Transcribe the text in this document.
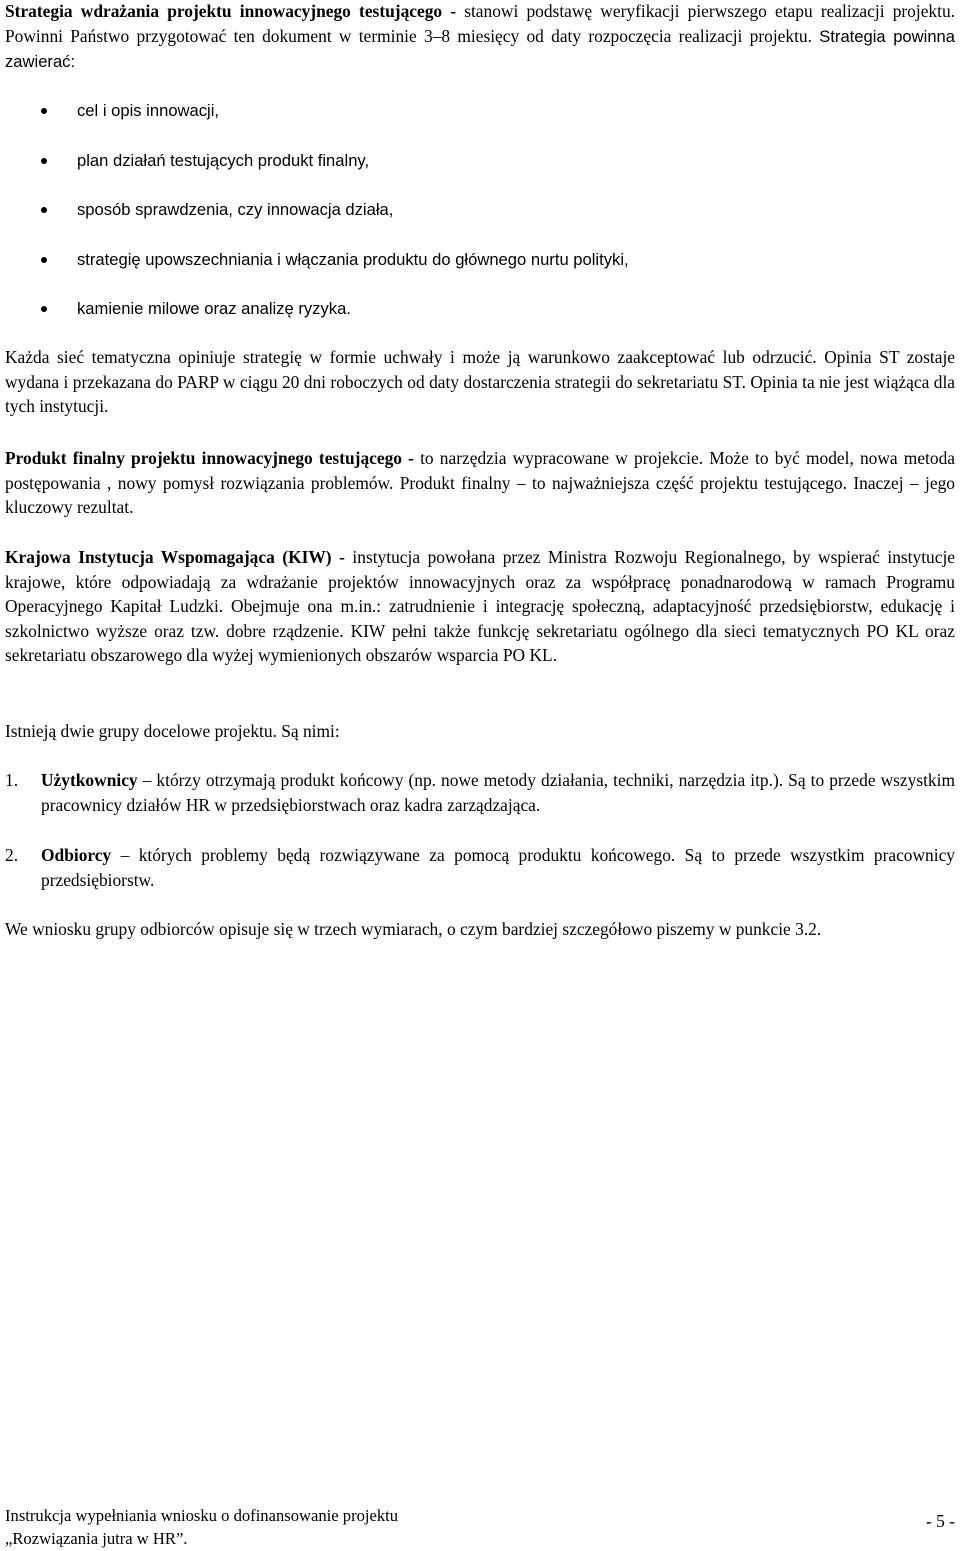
Strategia wdrażania projektu innowacyjnego testującego - stanowi podstawę weryfikacji pierwszego etapu realizacji projektu. Powinni Państwo przygotować ten dokument w terminie 3–8 miesięcy od daty rozpoczęcia realizacji projektu. Strategia powinna zawierać:

cel i opis innowacji,
plan działań testujących produkt finalny,
sposób sprawdzenia, czy innowacja działa,
strategię upowszechniania i włączania produktu do głównego nurtu polityki,
kamienie milowe oraz analizę ryzyka.

Każda sieć tematyczna opiniuje strategię w formie uchwały i może ją warunkowo zaakceptować lub odrzucić. Opinia ST zostaje wydana i przekazana do PARP w ciągu 20 dni roboczych od daty dostarczenia strategii do sekretariatu ST. Opinia ta nie jest wiążąca dla tych instytucji.

Produkt finalny projektu innowacyjnego testującego - to narzędzia wypracowane w projekcie. Może to być model, nowa metoda postępowania , nowy pomysł rozwiązania problemów. Produkt finalny – to najważniejsza część projektu testującego. Inaczej – jego kluczowy rezultat.

Krajowa Instytucja Wspomagająca (KIW) - instytucja powołana przez Ministra Rozwoju Regionalnego, by wspierać instytucje krajowe, które odpowiadają za wdrażanie projektów innowacyjnych oraz za współpracę ponadnarodową w ramach Programu Operacyjnego Kapitał Ludzki. Obejmuje ona m.in.: zatrudnienie i integrację społeczną, adaptacyjność przedsiębiorstw, edukację i szkolnictwo wyższe oraz tzw. dobre rządzenie. KIW pełni także funkcję sekretariatu ogólnego dla sieci tematycznych PO KL oraz sekretariatu obszarowego dla wyżej wymienionych obszarów wsparcia PO KL.

Istnieją dwie grupy docelowe projektu. Są nimi:

1. Użytkownicy – którzy otrzymają produkt końcowy (np. nowe metody działania, techniki, narzędzia itp.). Są to przede wszystkim pracownicy działów HR w przedsiębiorstwach oraz kadra zarządzająca.
2. Odbiorcy – których problemy będą rozwiązywane za pomocą produktu końcowego. Są to przede wszystkim pracownicy przedsiębiorstw.

We wniosku grupy odbiorców opisuje się w trzech wymiarach, o czym bardziej szczegółowo piszemy w punkcie 3.2.

Instrukcja wypełniania wniosku o dofinansowanie projektu
„Rozwiązania jutra w HR”.
- 5 -
